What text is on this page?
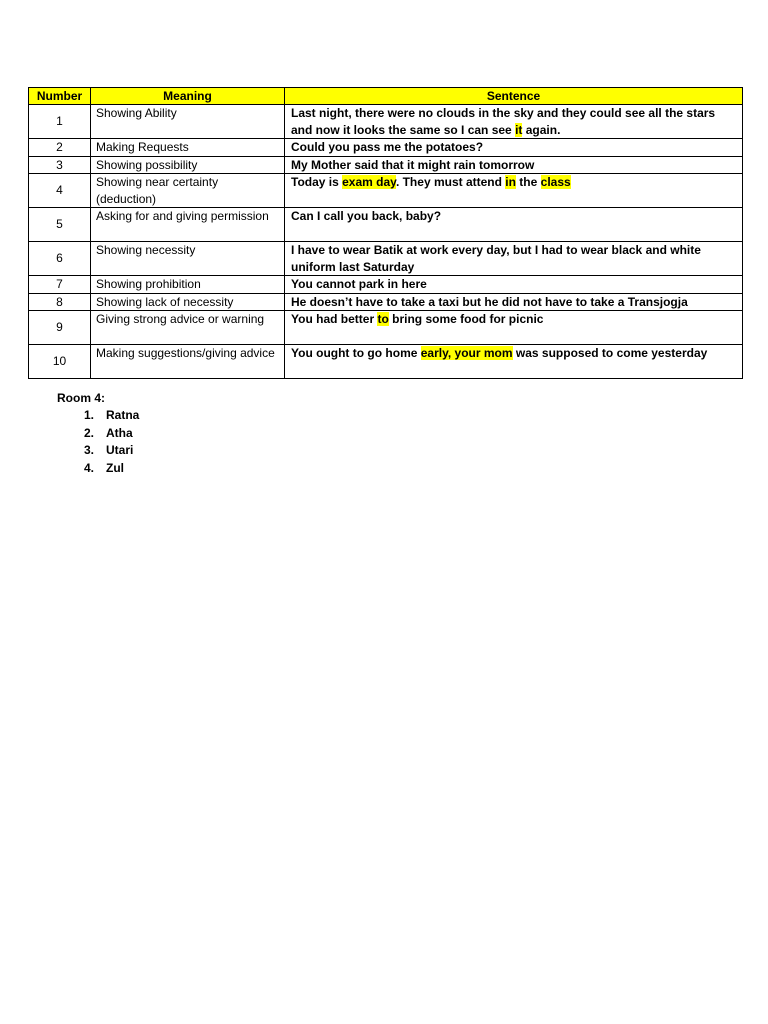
Number	Meaning	Sentence
1	Showing Ability	Last night, there were no clouds in the sky and they could see all the stars and now it looks the same so I can see it again.
2	Making Requests	Could you pass me the potatoes?
3	Showing possibility	My Mother said that it might rain tomorrow
4	Showing near certainty (deduction)	Today is exam day. They must attend in the class
5	Asking for and giving permission	Can I call you back, baby?
6	Showing necessity	I have to wear Batik at work every day, but I had to wear black and white uniform last Saturday
7	Showing prohibition	You cannot park in here
8	Showing lack of necessity	He doesn’t have to take a taxi but he did not have to take a Transjogja
9	Giving strong advice or warning	You had better to bring some food for picnic
10	Making suggestions/giving advice	You ought to go home early, your mom was supposed to come yesterday
Room 4:
1. Ratna
2. Atha
3. Utari
4. Zul
